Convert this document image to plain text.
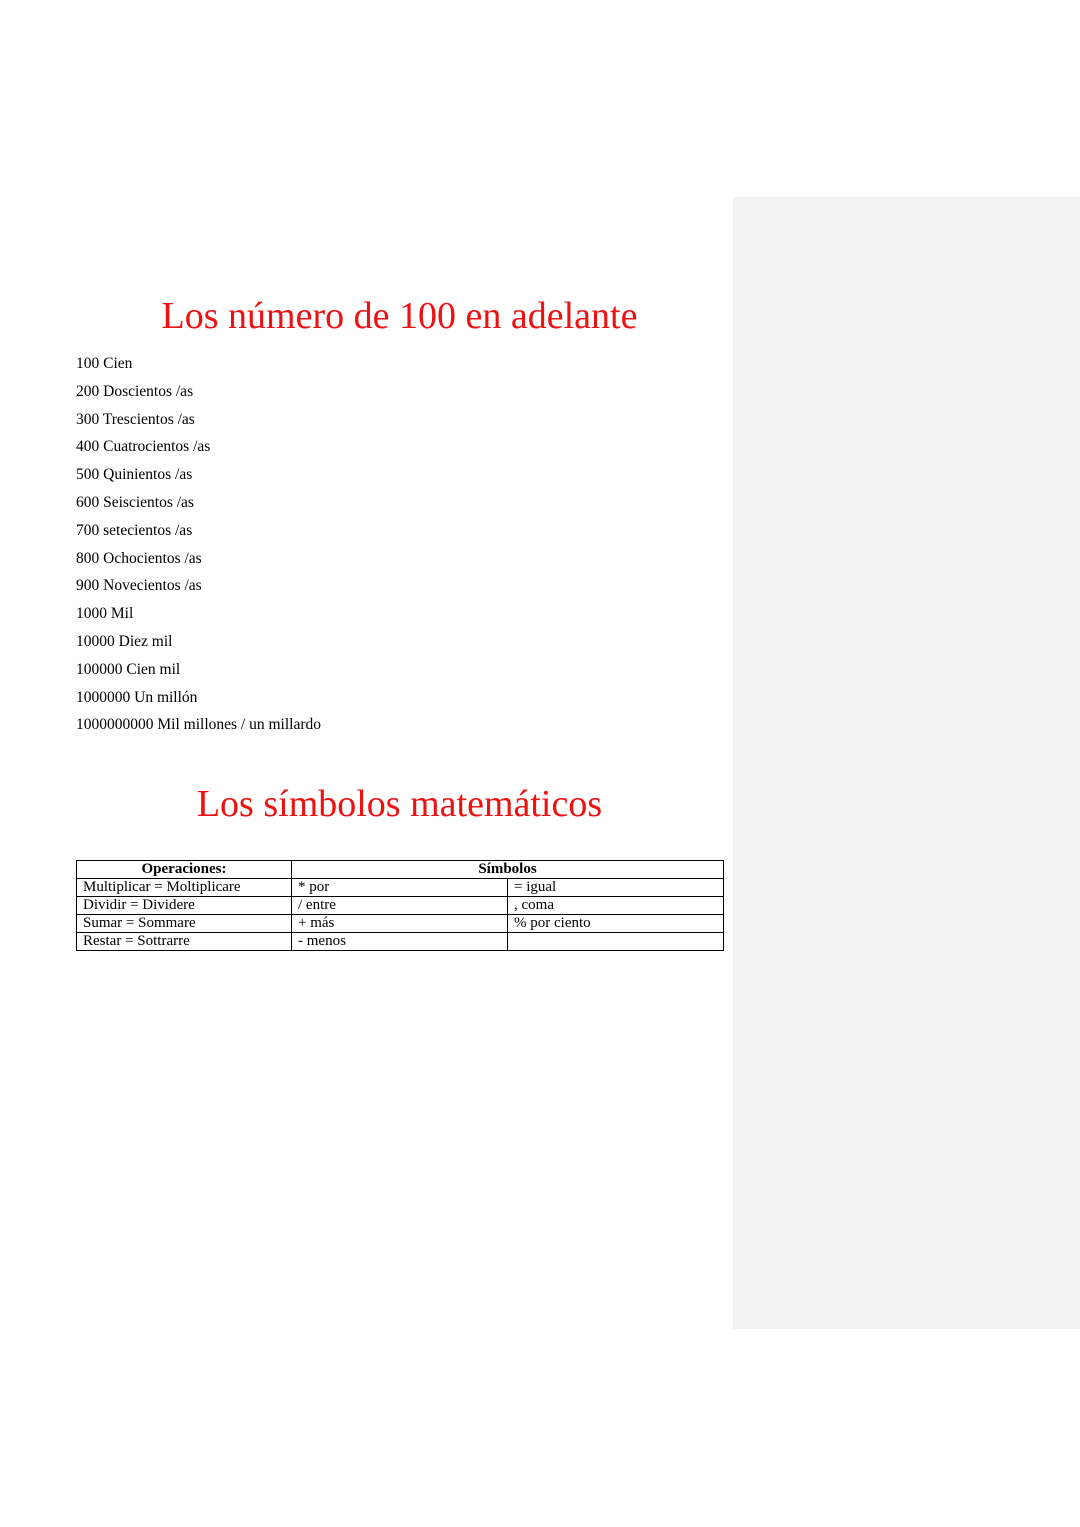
Los número de 100 en adelante
100 Cien
200 Doscientos /as
300 Trescientos /as
400 Cuatrocientos /as
500 Quinientos /as
600 Seiscientos /as
700 setecientos /as
800 Ochocientos /as
900 Novecientos /as
1000 Mil
10000 Diez mil
100000 Cien mil
1000000 Un millón
1000000000 Mil millones / un millardo
Los símbolos matemáticos
Operaciones:	Símbolos	
Multiplicar = Moltiplicare	* por	= igual
Dividir = Dividere	/ entre	, coma
Sumar = Sommare	+ más	% por ciento
Restar = Sottrarre	- menos	
